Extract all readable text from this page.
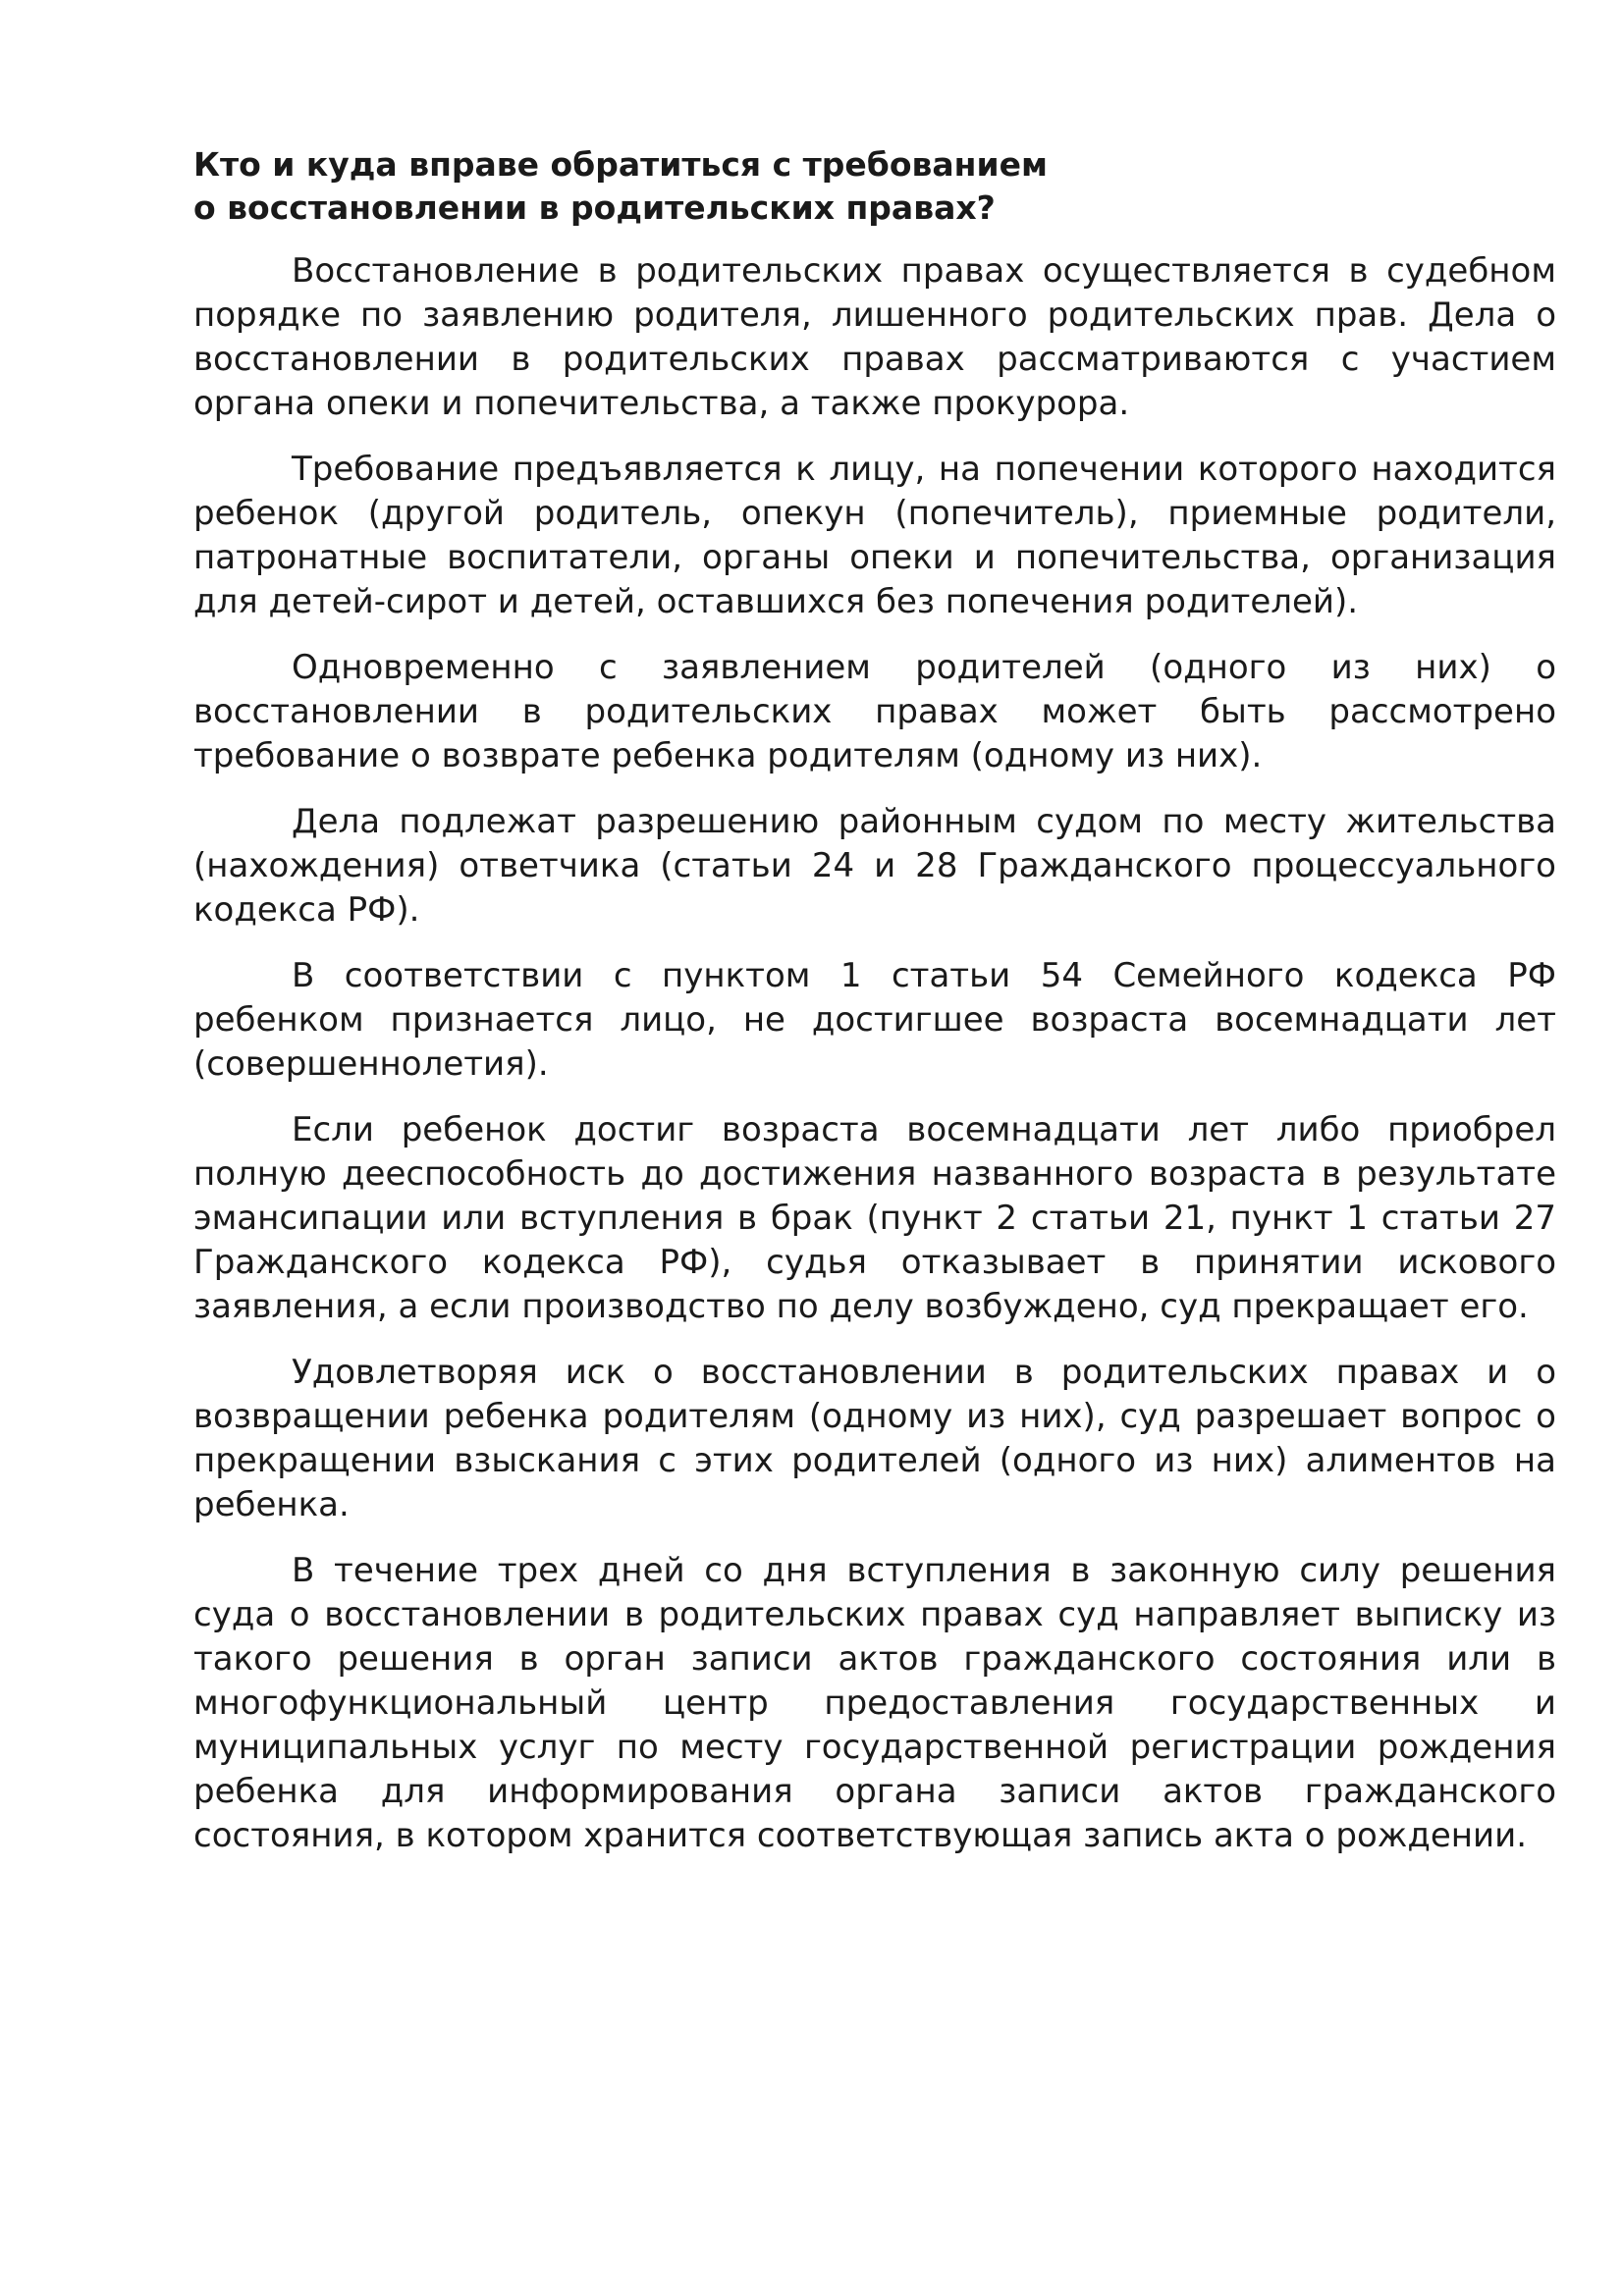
Кто и куда вправе обратиться с требованием
о восстановлении в родительских правах?

Восстановление в родительских правах осуществляется в судебном порядке по заявлению родителя, лишенного родительских прав. Дела о восстановлении в родительских правах рассматриваются с участием органа опеки и попечительства, а также прокурора.

Требование предъявляется к лицу, на попечении которого находится ребенок (другой родитель, опекун (попечитель), приемные родители, патронатные воспитатели, органы опеки и попечительства, организация для детей-сирот и детей, оставшихся без попечения родителей).

Одновременно с заявлением родителей (одного из них) о восстановлении в родительских правах может быть рассмотрено требование о возврате ребенка родителям (одному из них).

Дела подлежат разрешению районным судом по месту жительства (нахождения) ответчика (статьи 24 и 28 Гражданского процессуального кодекса РФ).

В соответствии с пунктом 1 статьи 54 Семейного кодекса РФ ребенком признается лицо, не достигшее возраста восемнадцати лет (совершеннолетия).

Если ребенок достиг возраста восемнадцати лет либо приобрел полную дееспособность до достижения названного возраста в результате эмансипации или вступления в брак (пункт 2 статьи 21, пункт 1 статьи 27 Гражданского кодекса РФ), судья отказывает в принятии искового заявления, а если производство по делу возбуждено, суд прекращает его.

Удовлетворяя иск о восстановлении в родительских правах и о возвращении ребенка родителям (одному из них), суд разрешает вопрос о прекращении взыскания с этих родителей (одного из них) алиментов на ребенка.

В течение трех дней со дня вступления в законную силу решения суда о восстановлении в родительских правах суд направляет выписку из такого решения в орган записи актов гражданского состояния или в многофункциональный центр предоставления государственных и муниципальных услуг по месту государственной регистрации рождения ребенка для информирования органа записи актов гражданского состояния, в котором хранится соответствующая запись акта о рождении.
